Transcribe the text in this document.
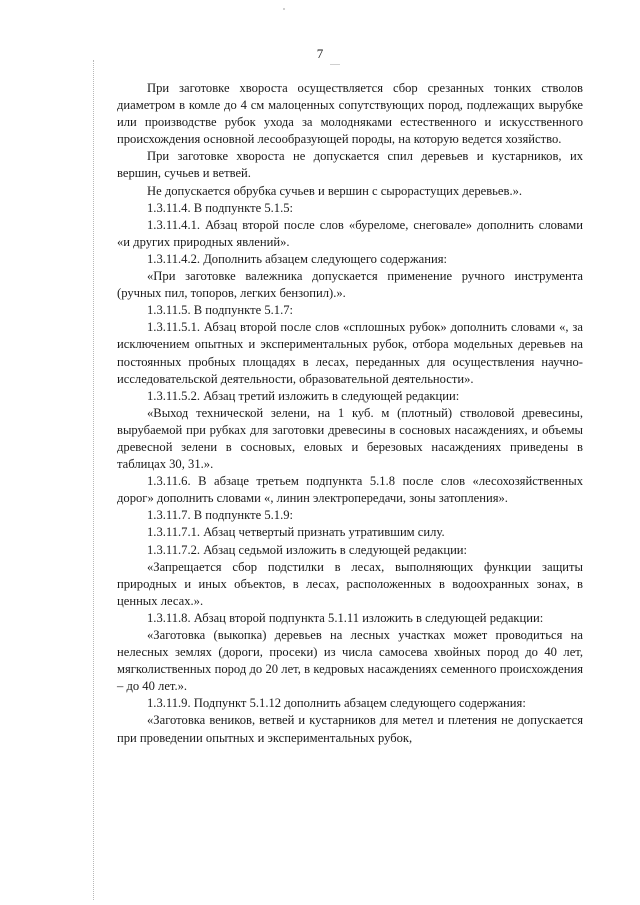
7

При заготовке хвороста осуществляется сбор срезанных тонких стволов диаметром в комле до 4 см малоценных сопутствующих пород, подлежащих вырубке или производстве рубок ухода за молодняками естественного и искусственного происхождения основной лесообразующей породы, на которую ведется хозяйство.

При заготовке хвороста не допускается спил деревьев и кустарников, их вершин, сучьев и ветвей.

Не допускается обрубка сучьев и вершин с сырорастущих деревьев.».

1.3.11.4. В подпункте 5.1.5:

1.3.11.4.1. Абзац второй после слов «буреломе, снеговале» дополнить словами «и других природных явлений».

1.3.11.4.2. Дополнить абзацем следующего содержания:

«При заготовке валежника допускается применение ручного инструмента (ручных пил, топоров, легких бензопил).».

1.3.11.5. В подпункте 5.1.7:

1.3.11.5.1. Абзац второй после слов «сплошных рубок» дополнить словами «, за исключением опытных и экспериментальных рубок, отбора модельных деревьев на постоянных пробных площадях в лесах, переданных для осуществления научно-исследовательской деятельности, образовательной деятельности».

1.3.11.5.2. Абзац третий изложить в следующей редакции:

«Выход технической зелени, на 1 куб. м (плотный) стволовой древесины, вырубаемой при рубках для заготовки древесины в сосновых насаждениях, и объемы древесной зелени в сосновых, еловых и березовых насаждениях приведены в таблицах 30, 31.».

1.3.11.6. В абзаце третьем подпункта 5.1.8 после слов «лесохозяйственных дорог» дополнить словами «, линин электропередачи, зоны затопления».

1.3.11.7. В подпункте 5.1.9:

1.3.11.7.1. Абзац четвертый признать утратившим силу.

1.3.11.7.2. Абзац седьмой изложить в следующей редакции:

«Запрещается сбор подстилки в лесах, выполняющих функции защиты природных и иных объектов, в лесах, расположенных в водоохранных зонах, в ценных лесах.».

1.3.11.8. Абзац второй подпункта 5.1.11 изложить в следующей редакции:

«Заготовка (выкопка) деревьев на лесных участках может проводиться на нелесных землях (дороги, просеки) из числа самосева хвойных пород до 40 лет, мягколиственных пород до 20 лет, в кедровых насаждениях семенного происхождения – до 40 лет.».

1.3.11.9. Подпункт 5.1.12 дополнить абзацем следующего содержания:

«Заготовка веников, ветвей и кустарников для метел и плетения не допускается при проведении опытных и экспериментальных рубок,
